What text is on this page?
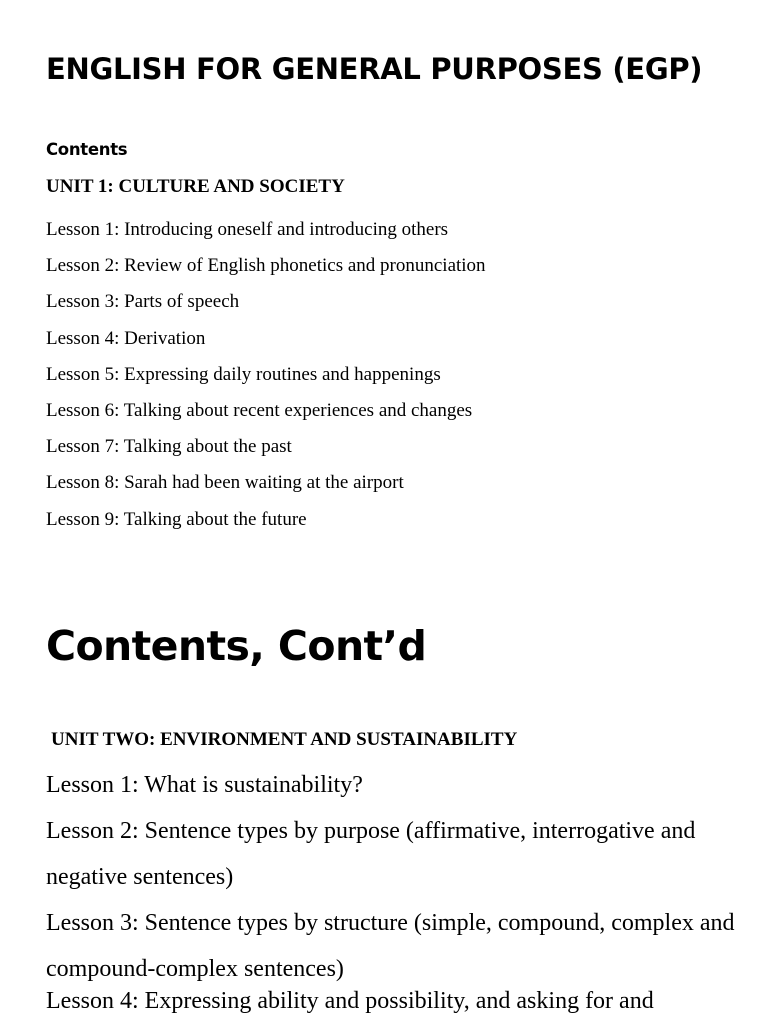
ENGLISH FOR GENERAL PURPOSES (EGP)
Contents
UNIT 1: CULTURE AND SOCIETY
Lesson 1: Introducing oneself and introducing others
Lesson 2: Review of English phonetics and pronunciation
Lesson 3: Parts of speech
Lesson 4: Derivation
Lesson 5: Expressing daily routines and happenings
Lesson 6: Talking about recent experiences and changes
Lesson 7: Talking about the past
Lesson 8: Sarah had been waiting at the airport
Lesson 9: Talking about the future
Contents, Cont’d
UNIT TWO: ENVIRONMENT AND SUSTAINABILITY
Lesson 1: What is sustainability?
Lesson 2: Sentence types by purpose (affirmative, interrogative and negative sentences)
Lesson 3: Sentence types by structure (simple, compound, complex and compound-complex sentences)
Lesson 4: Expressing ability and possibility, and asking for and
